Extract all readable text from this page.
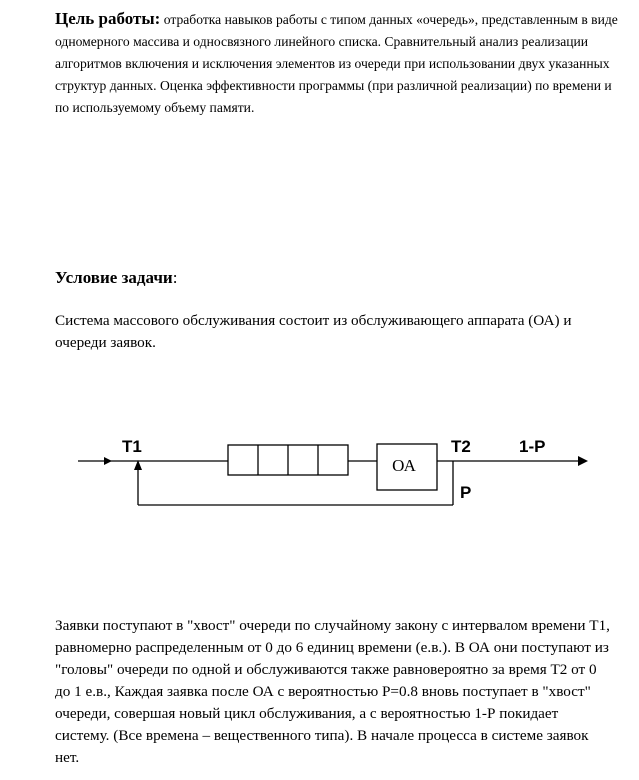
Цель работы: отработка навыков работы с типом данных «очередь», представленным в виде одномерного массива и односвязного линейного списка. Сравнительный анализ реализации алгоритмов включения и исключения элементов из очереди при использовании двух указанных структур данных. Оценка эффективности программы (при различной реализации) по времени и по используемому объему памяти.
Условие задачи:
Система массового обслуживания состоит из обслуживающего аппарата (ОА) и очереди заявок.
ОА
T1	T2	1-P
P
Заявки поступают в "хвост" очереди по случайному закону с интервалом времени Т1, равномерно распределенным от 0 до 6 единиц времени (е.в.). В ОА они поступают из "головы" очереди по одной и обслуживаются также равновероятно за время Т2 от 0 до 1 е.в., Каждая заявка после ОА с вероятностью Р=0.8 вновь поступает в "хвост" очереди, совершая новый цикл обслуживания, а с вероятностью 1-Р покидает систему. (Все времена – вещественного типа). В начале процесса в системе заявок нет.
